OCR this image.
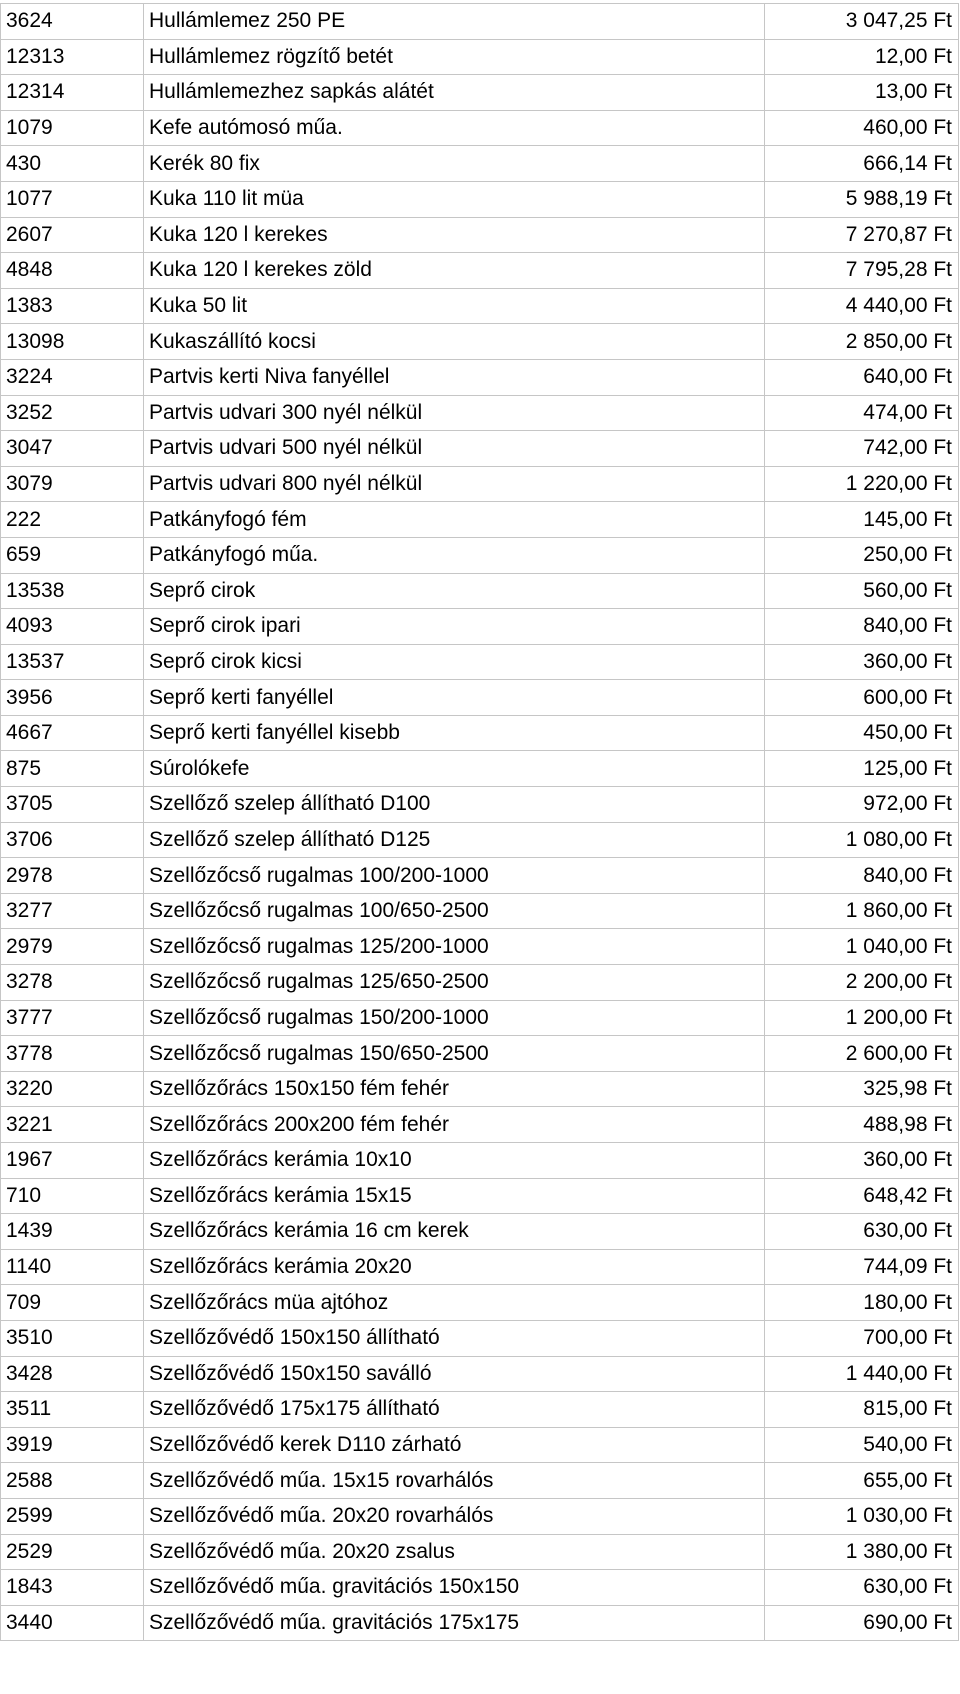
3624	Hullámlemez 250 PE	3 047,25 Ft
12313	Hullámlemez rögzítő betét	12,00 Ft
12314	Hullámlemezhez sapkás alátét	13,00 Ft
1079	Kefe autómosó műa.	460,00 Ft
430	Kerék 80 fix	666,14 Ft
1077	Kuka 110 lit müa	5 988,19 Ft
2607	Kuka 120 l kerekes	7 270,87 Ft
4848	Kuka 120 l kerekes zöld	7 795,28 Ft
1383	Kuka 50 lit	4 440,00 Ft
13098	Kukaszállító kocsi	2 850,00 Ft
3224	Partvis kerti Niva fanyéllel	640,00 Ft
3252	Partvis udvari 300 nyél nélkül	474,00 Ft
3047	Partvis udvari 500 nyél nélkül	742,00 Ft
3079	Partvis udvari 800 nyél nélkül	1 220,00 Ft
222	Patkányfogó fém	145,00 Ft
659	Patkányfogó műa.	250,00 Ft
13538	Seprő cirok	560,00 Ft
4093	Seprő cirok ipari	840,00 Ft
13537	Seprő cirok kicsi	360,00 Ft
3956	Seprő kerti fanyéllel	600,00 Ft
4667	Seprő kerti fanyéllel kisebb	450,00 Ft
875	Súrolókefe	125,00 Ft
3705	Szellőző szelep állítható D100	972,00 Ft
3706	Szellőző szelep állítható D125	1 080,00 Ft
2978	Szellőzőcső rugalmas 100/200-1000	840,00 Ft
3277	Szellőzőcső rugalmas 100/650-2500	1 860,00 Ft
2979	Szellőzőcső rugalmas 125/200-1000	1 040,00 Ft
3278	Szellőzőcső rugalmas 125/650-2500	2 200,00 Ft
3777	Szellőzőcső rugalmas 150/200-1000	1 200,00 Ft
3778	Szellőzőcső rugalmas 150/650-2500	2 600,00 Ft
3220	Szellőzőrács 150x150 fém fehér	325,98 Ft
3221	Szellőzőrács 200x200 fém fehér	488,98 Ft
1967	Szellőzőrács kerámia 10x10	360,00 Ft
710	Szellőzőrács kerámia 15x15	648,42 Ft
1439	Szellőzőrács kerámia 16 cm kerek	630,00 Ft
1140	Szellőzőrács kerámia 20x20	744,09 Ft
709	Szellőzőrács müa ajtóhoz	180,00 Ft
3510	Szellőzővédő 150x150 állítható	700,00 Ft
3428	Szellőzővédő 150x150 saválló	1 440,00 Ft
3511	Szellőzővédő 175x175 állítható	815,00 Ft
3919	Szellőzővédő kerek D110 zárható	540,00 Ft
2588	Szellőzővédő műa. 15x15 rovarhálós	655,00 Ft
2599	Szellőzővédő műa. 20x20 rovarhálós	1 030,00 Ft
2529	Szellőzővédő műa. 20x20 zsalus	1 380,00 Ft
1843	Szellőzővédő műa. gravitációs 150x150	630,00 Ft
3440	Szellőzővédő műa. gravitációs 175x175	690,00 Ft
